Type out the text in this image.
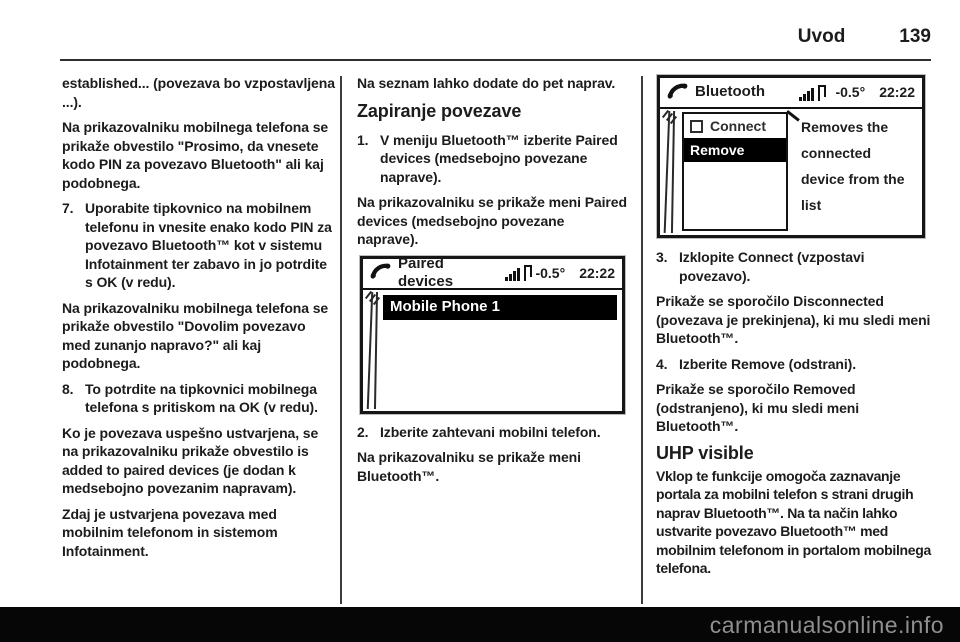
Uvod	139

established... (povezava bo vzpostavljena ...).

Na prikazovalniku mobilnega telefona se prikaže obvestilo "Prosimo, da vnesete kodo PIN za povezavo Bluetooth" ali kaj podobnega.

7. Uporabite tipkovnico na mobilnem telefonu in vnesite enako kodo PIN za povezavo Bluetooth™ kot v sistemu Infotainment ter zabavo in jo potrdite s OK (v redu).

Na prikazovalniku mobilnega telefona se prikaže obvestilo "Dovolim povezavo med zunanjo napravo?" ali kaj podobnega.

8. To potrdite na tipkovnici mobilnega telefona s pritiskom na OK (v redu).

Ko je povezava uspešno ustvarjena, se na prikazovalniku prikaže obvestilo is added to paired devices (je dodan k medsebojno povezanim napravam).

Zdaj je ustvarjena povezava med mobilnim telefonom in sistemom Infotainment.

Na seznam lahko dodate do pet naprav.

Zapiranje povezave
1. V meniju Bluetooth™ izberite Paired devices (medsebojno povezane naprave).

Na prikazovalniku se prikaže meni Paired devices (medsebojno povezane naprave).

Paired devices
-0.5° 22:22
Mobile Phone 1
2. Izberite zahtevani mobilni telefon.

Na prikazovalniku se prikaže meni Bluetooth™.

Bluetooth	-0.5° 22:22
Connect
Remove
Removes the connected device from the list
3. Izklopite Connect (vzpostavi povezavo).

Prikaže se sporočilo Disconnected (povezava je prekinjena), ki mu sledi meni Bluetooth™.

4. Izberite Remove (odstrani).

Prikaže se sporočilo Removed (odstranjeno), ki mu sledi meni Bluetooth™.

UHP visible

Vklop te funkcije omogoča zaznavanje portala za mobilni telefon s strani drugih naprav Bluetooth™. Na ta način lahko ustvarite povezavo Bluetooth™ med mobilnim telefonom in portalom mobilnega telefona.

carmanualsonline.info
